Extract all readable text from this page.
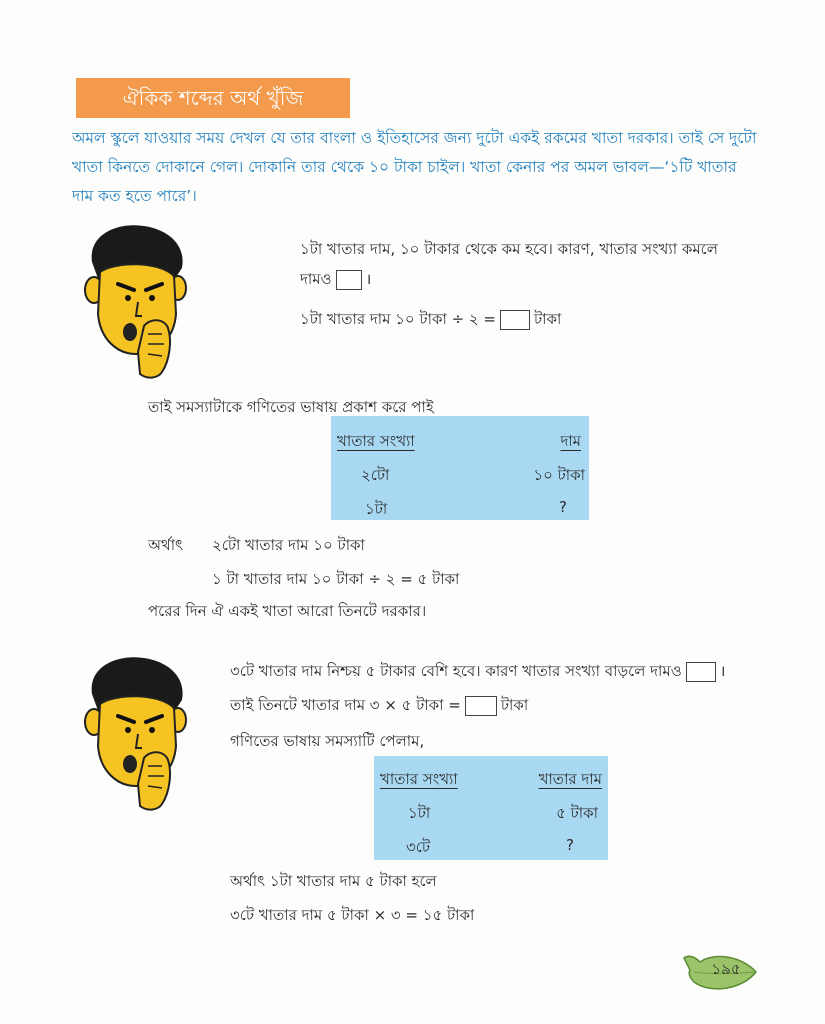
ঐকিক শব্দের অর্থ খুঁজি
অমল স্কুলে যাওয়ার সময় দেখল যে তার বাংলা ও ইতিহাসের জন্য দুটো একই রকমের খাতা দরকার। তাই সে দুটো খাতা কিনতে দোকানে গেল। দোকানি তার থেকে ১০ টাকা চাইল। খাতা কেনার পর অমল ভাবল—‘১টি খাতার দাম কত হতে পারে’।
১টা খাতার দাম, ১০ টাকার থেকে কম হবে। কারণ, খাতার সংখ্যা কমলে
দামও ।
১টা খাতার দাম ১০ টাকা ÷ ২ =	টাকা
তাই সমস্যাটাকে গণিতের ভাষায় প্রকাশ করে পাই
খাতার সংখ্যা	দাম
২টো	১০ টাকা
১টা	?
অর্থাৎ ২টো খাতার দাম ১০ টাকা
১ টা খাতার দাম ১০ টাকা ÷ ২ = ৫ টাকা
পরের দিন ঐ একই খাতা আরো তিনটে দরকার।
৩টে খাতার দাম নিশ্চয় ৫ টাকার বেশি হবে। কারণ খাতার সংখ্যা বাড়লে দামও	।
তাই তিনটে খাতার দাম ৩ × ৫ টাকা =	টাকা
গণিতের ভাষায় সমস্যাটি পেলাম,
খাতার সংখ্যা	খাতার দাম
১টা	৫ টাকা
৩টে	?
অর্থাৎ ১টা খাতার দাম ৫ টাকা হলে
৩টে খাতার দাম ৫ টাকা × ৩ = ১৫ টাকা
১৯৫
